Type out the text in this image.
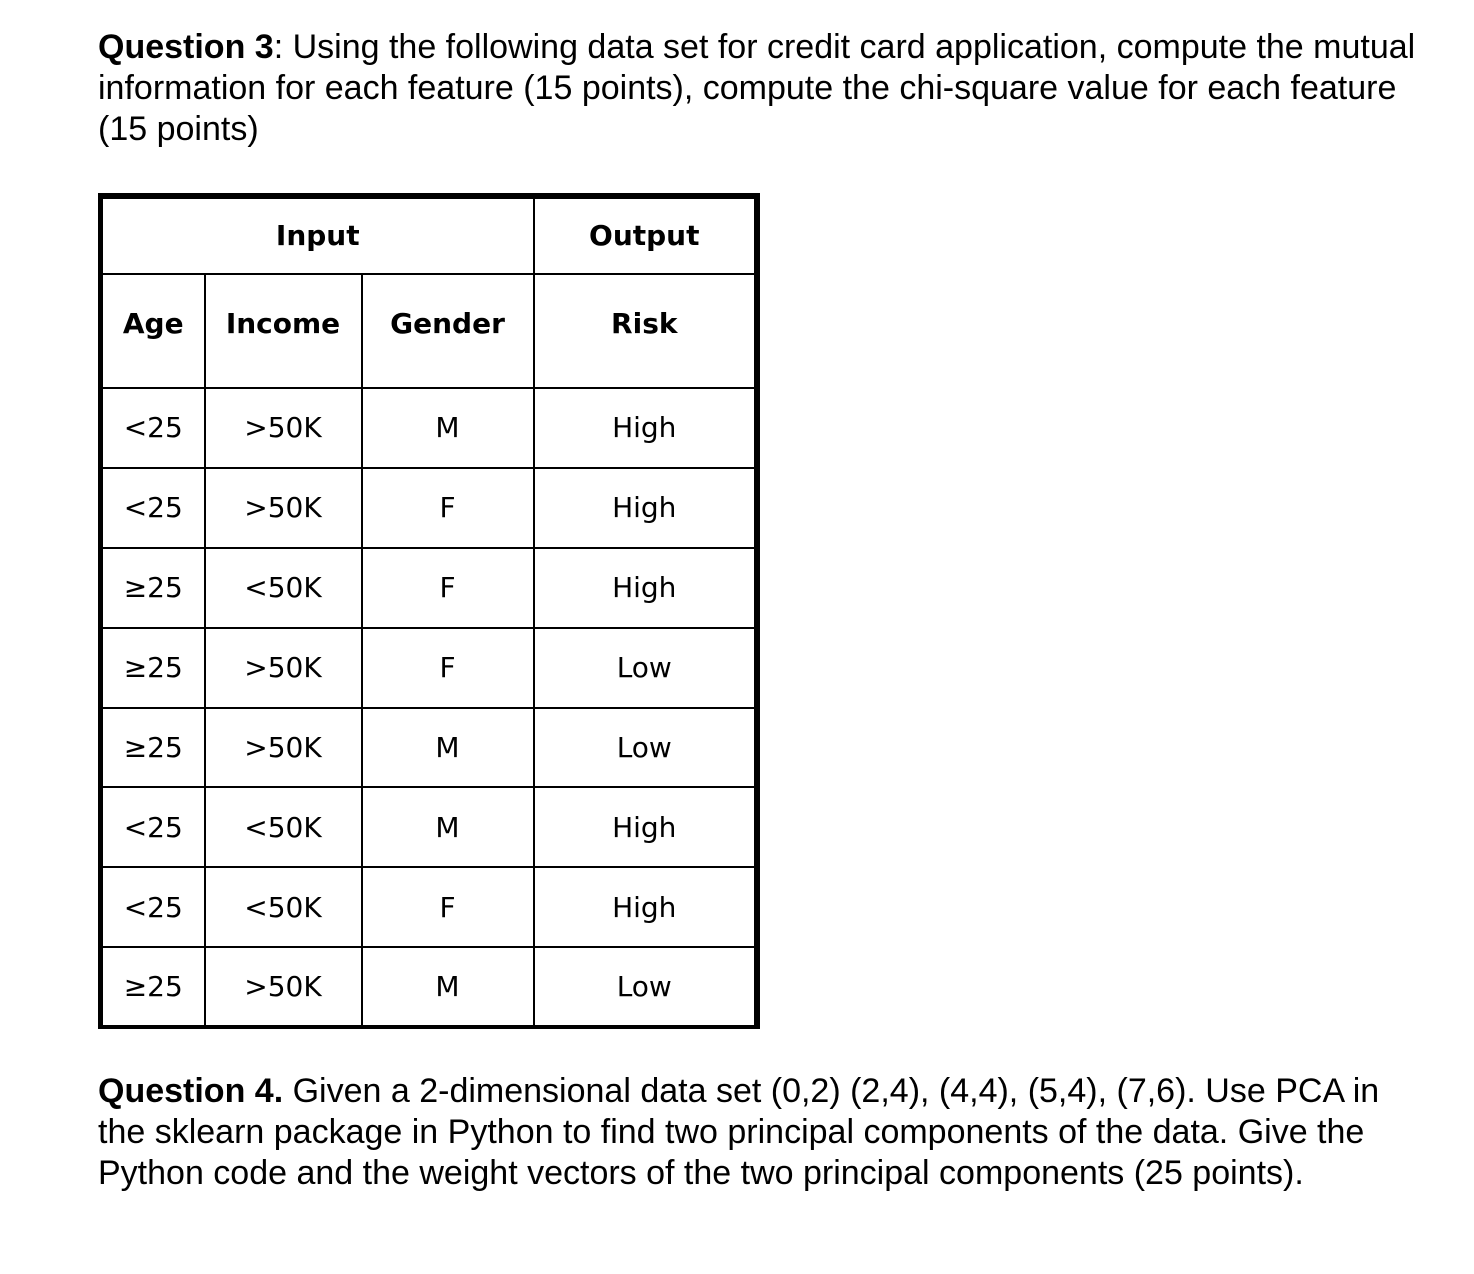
Question 3: Using the following data set for credit card application, compute the mutual information for each feature (15 points), compute the chi-square value for each feature (15 points)

Input			Output
Age	Income	Gender	Risk
<25	>50K	M	High
<25	>50K	F	High
≥25	<50K	F	High
≥25	>50K	F	Low
≥25	>50K	M	Low
<25	<50K	M	High
<25	<50K	F	High
≥25	>50K	M	Low

Question 4. Given a 2-dimensional data set (0,2) (2,4), (4,4), (5,4), (7,6). Use PCA in the sklearn package in Python to find two principal components of the data. Give the Python code and the weight vectors of the two principal components (25 points).
